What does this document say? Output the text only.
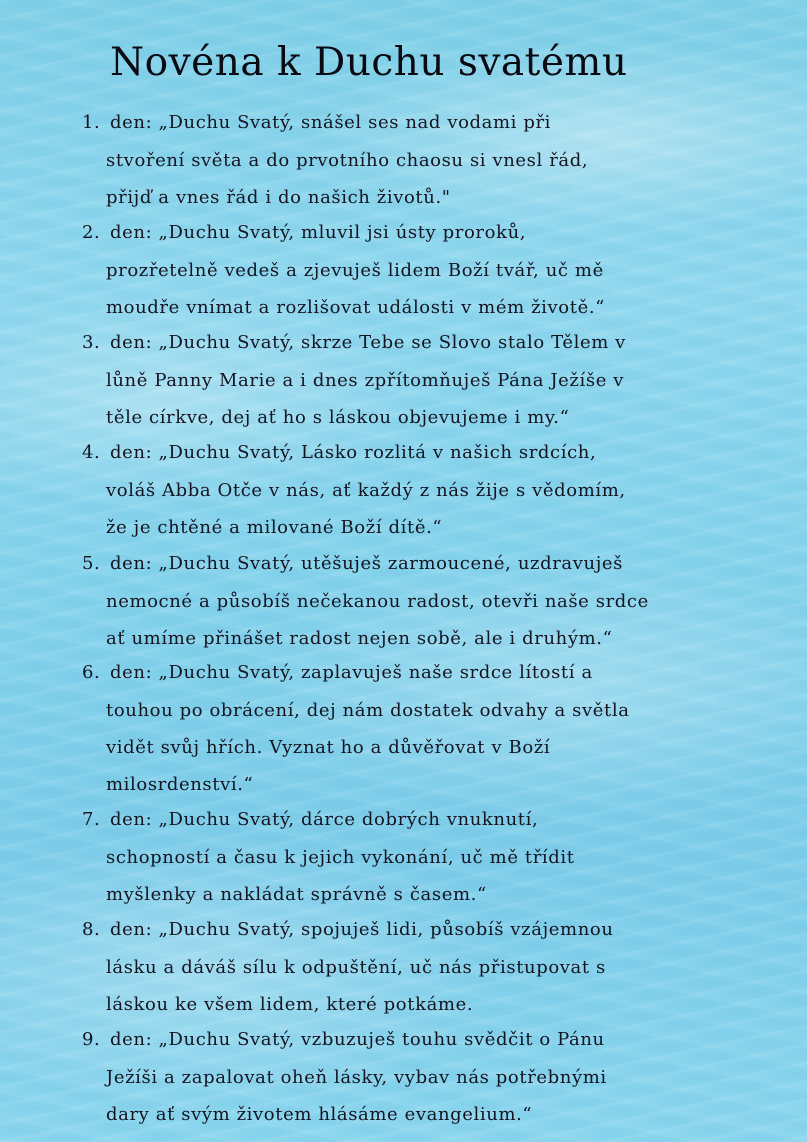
Novéna k Duchu svatému
1. den: „Duchu Svatý, snášel ses nad vodami při
stvoření světa a do prvotního chaosu si vnesl řád,
přijď a vnes řád i do našich životů."
2. den: „Duchu Svatý, mluvil jsi ústy proroků,
prozřetelně vedeš a zjevuješ lidem Boží tvář, uč mě
moudře vnímat a rozlišovat události v mém životě.“
3. den: „Duchu Svatý, skrze Tebe se Slovo stalo Tělem v
lůně Panny Marie a i dnes zpřítomňuješ Pána Ježíše v
těle církve, dej ať ho s láskou objevujeme i my.“
4. den: „Duchu Svatý, Lásko rozlitá v našich srdcích,
voláš Abba Otče v nás, ať každý z nás žije s vědomím,
že je chtěné a milované Boží dítě.“
5. den: „Duchu Svatý, utěšuješ zarmoucené, uzdravuješ
nemocné a působíš nečekanou radost, otevři naše srdce
ať umíme přinášet radost nejen sobě, ale i druhým.“
6. den: „Duchu Svatý, zaplavuješ naše srdce lítostí a
touhou po obrácení, dej nám dostatek odvahy a světla
vidět svůj hřích. Vyznat ho a důvěřovat v Boží
milosrdenství.“
7. den: „Duchu Svatý, dárce dobrých vnuknutí,
schopností a času k jejich vykonání, uč mě třídit
myšlenky a nakládat správně s časem.“
8. den: „Duchu Svatý, spojuješ lidi, působíš vzájemnou
lásku a dáváš sílu k odpuštění, uč nás přistupovat s
láskou ke všem lidem, které potkáme.
9. den: „Duchu Svatý, vzbuzuješ touhu svědčit o Pánu
Ježíši a zapalovat oheň lásky, vybav nás potřebnými
dary ať svým životem hlásáme evangelium.“
